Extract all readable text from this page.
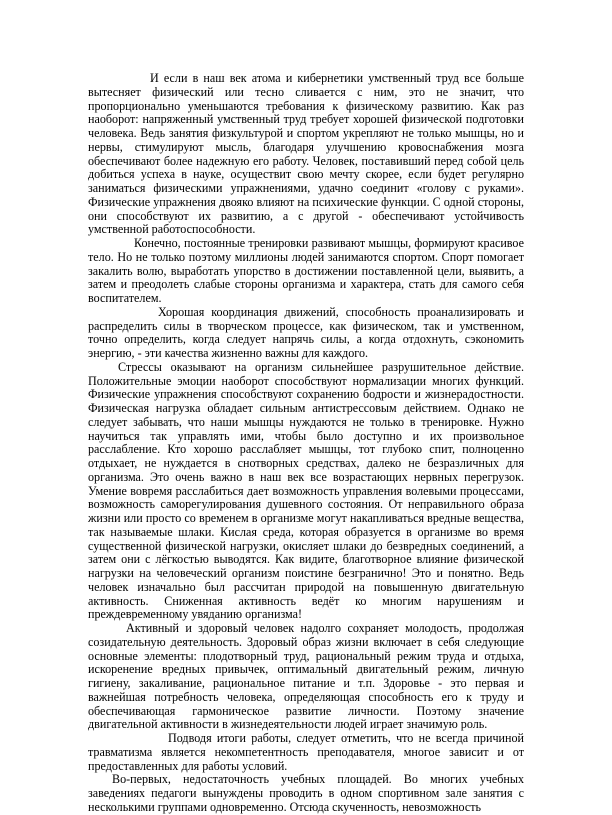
И если в наш век атома и кибернетики умственный труд все больше вытесняет физический или тесно сливается с ним, это не значит, что пропорционально уменьшаются требования к физическому развитию. Как раз наоборот: напряженный умственный труд требует хорошей физической подготовки человека. Ведь занятия физкультурой и спортом укрепляют не только мышцы, но и нервы, стимулируют мысль, благодаря улучшению кровоснабжения мозга обеспечивают более надежную его работу. Человек, поставивший перед собой цель добиться успеха в науке, осуществит свою мечту скорее, если будет регулярно заниматься физическими упражнениями, удачно соединит «голову с руками». Физические упражнения двояко влияют на психические функции. С одной стороны, они способствуют их развитию, а с другой - обеспечивают устойчивость умственной работоспособности.

Конечно, постоянные тренировки развивают мышцы, формируют красивое тело. Но не только поэтому миллионы людей занимаются спортом. Спорт помогает закалить волю, выработать упорство в достижении поставленной цели, выявить, а затем и преодолеть слабые стороны организма и характера, стать для самого себя воспитателем.

Хорошая координация движений, способность проанализировать и распределить силы в творческом процессе, как физическом, так и умственном, точно определить, когда следует напрячь силы, а когда отдохнуть, сэкономить энергию, - эти качества жизненно важны для каждого.

Стрессы оказывают на организм сильнейшее разрушительное действие. Положительные эмоции наоборот способствуют нормализации многих функций. Физические упражнения способствуют сохранению бодрости и жизнерадостности. Физическая нагрузка обладает сильным антистрессовым действием. Однако не следует забывать, что наши мышцы нуждаются не только в тренировке. Нужно научиться так управлять ими, чтобы было доступно и их произвольное расслабление. Кто хорошо расслабляет мышцы, тот глубоко спит, полноценно отдыхает, не нуждается в снотворных средствах, далеко не безразличных для организма. Это очень важно в наш век все возрастающих нервных перегрузок. Умение вовремя расслабиться дает возможность управления волевыми процессами, возможность саморегулирования душевного состояния. От неправильного образа жизни или просто со временем в организме могут накапливаться вредные вещества, так называемые шлаки. Кислая среда, которая образуется в организме во время существенной физической нагрузки, окисляет шлаки до безвредных соединений, а затем они с лёгкостью выводятся. Как видите, благотворное влияние физической нагрузки на человеческий организм поистине безгранично! Это и понятно. Ведь человек изначально был рассчитан природой на повышенную двигательную активность. Сниженная активность ведёт ко многим нарушениям и преждевременному увяданию организма!

Активный и здоровый человек надолго сохраняет молодость, продолжая созидательную деятельность. Здоровый образ жизни включает в себя следующие основные элементы: плодотворный труд, рациональный режим труда и отдыха, искоренение вредных привычек, оптимальный двигательный режим, личную гигиену, закаливание, рациональное питание и т.п. Здоровье - это первая и важнейшая потребность человека, определяющая способность его к труду и обеспечивающая гармоническое развитие личности. Поэтому значение двигательной активности в жизнедеятельности людей играет значимую роль.

Подводя итоги работы, следует отметить, что не всегда причиной травматизма является некомпетентность преподавателя, многое зависит и от предоставленных для работы условий.

Во-первых, недостаточность учебных площадей. Во многих учебных заведениях педагоги вынуждены проводить в одном спортивном зале занятия с несколькими группами одновременно. Отсюда скученность, невозможность
